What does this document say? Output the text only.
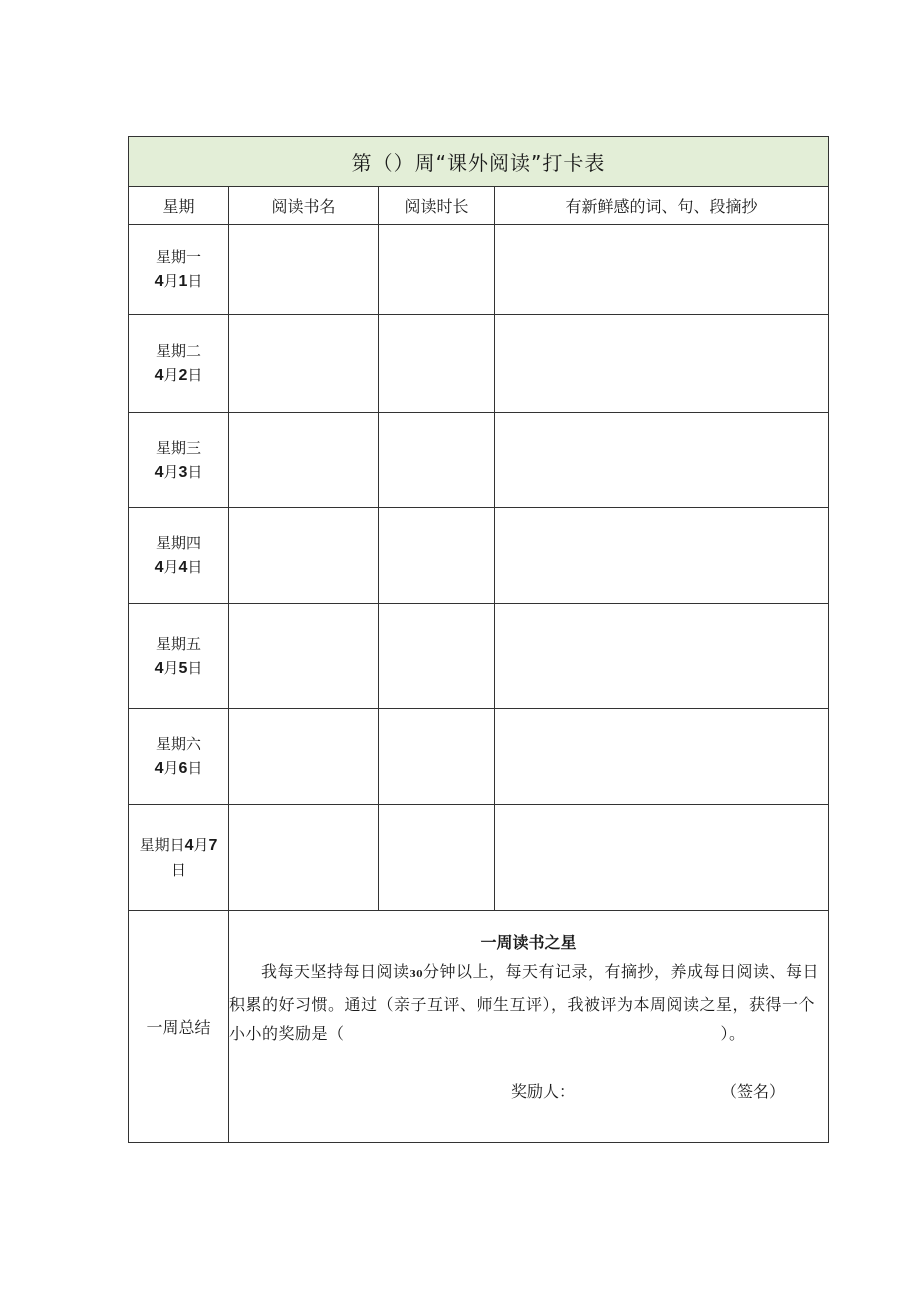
第（）周“课外阅读”打卡表			
星期	阅读书名	阅读时长	有新鲜感的词、句、段摘抄

星期一
4月1日			

星期二
4月2日			

星期三
4月3日			

星期四
4月4日			

星期五
4月5日			

星期六
4月6日			

星期日4月7
日			

一周总结	一周读书之星

我每天坚持每日阅读30分钟以上，每天有记录，有摘抄，养成每日阅读、每日积累的好习惯。通过（亲子互评、师生互评），我被评为本周阅读之星，获得一个小小的奖励是（ ）。

奖励人： （签名）		
